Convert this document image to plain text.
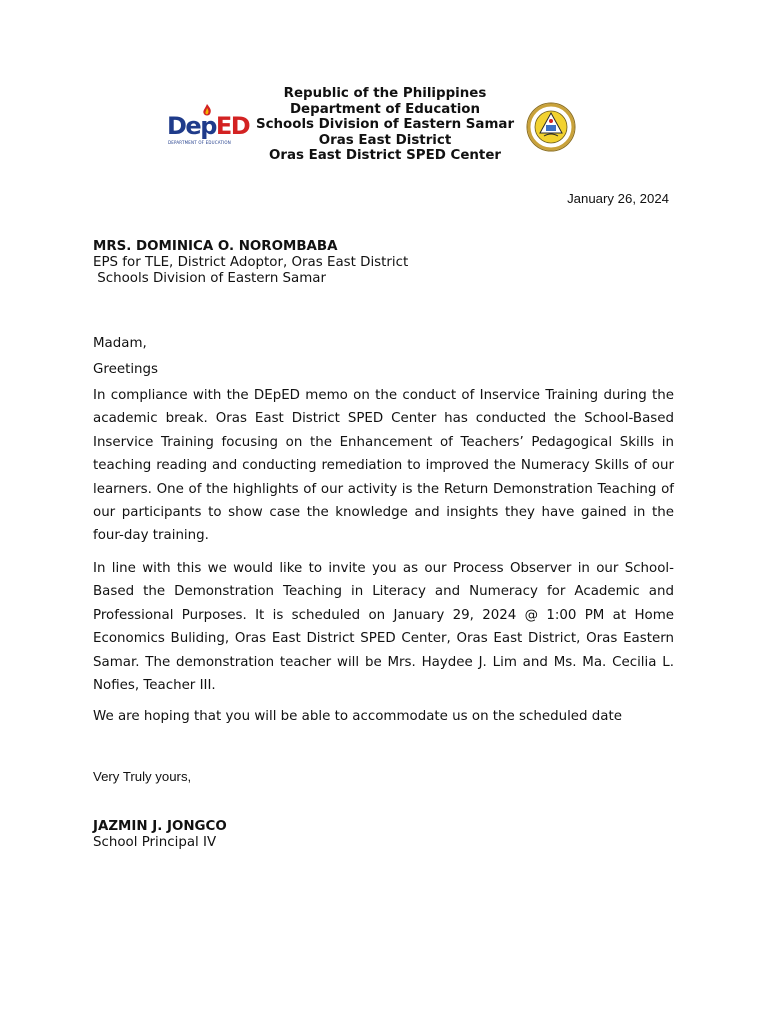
DepED
DEPARTMENT OF EDUCATION
Republic of the Philippines
Department of Education
Schools Division of Eastern Samar
Oras East District
Oras East District SPED Center
January 26, 2024
MRS. DOMINICA O. NOROMBABA
EPS for TLE, District Adoptor, Oras East District
Schools Division of Eastern Samar
Madam,
Greetings
In compliance with the DEpED memo on the conduct of Inservice Training during the academic break. Oras East District SPED Center has conducted the School-Based Inservice Training focusing on the Enhancement of Teachers’ Pedagogical Skills in teaching reading and conducting remediation to improved the Numeracy Skills of our learners. One of the highlights of our activity is the Return Demonstration Teaching of our participants to show case the knowledge and insights they have gained in the four-day training.
In line with this we would like to invite you as our Process Observer in our School- Based the Demonstration Teaching in Literacy and Numeracy for Academic and Professional Purposes. It is scheduled on January 29, 2024 @ 1:00 PM at Home Economics Buliding, Oras East District SPED Center, Oras East District, Oras Eastern Samar. The demonstration teacher will be Mrs. Haydee J. Lim and Ms. Ma. Cecilia L. Nofies, Teacher III.
We are hoping that you will be able to accommodate us on the scheduled date
Very Truly yours,
JAZMIN J. JONGCO
School Principal IV
